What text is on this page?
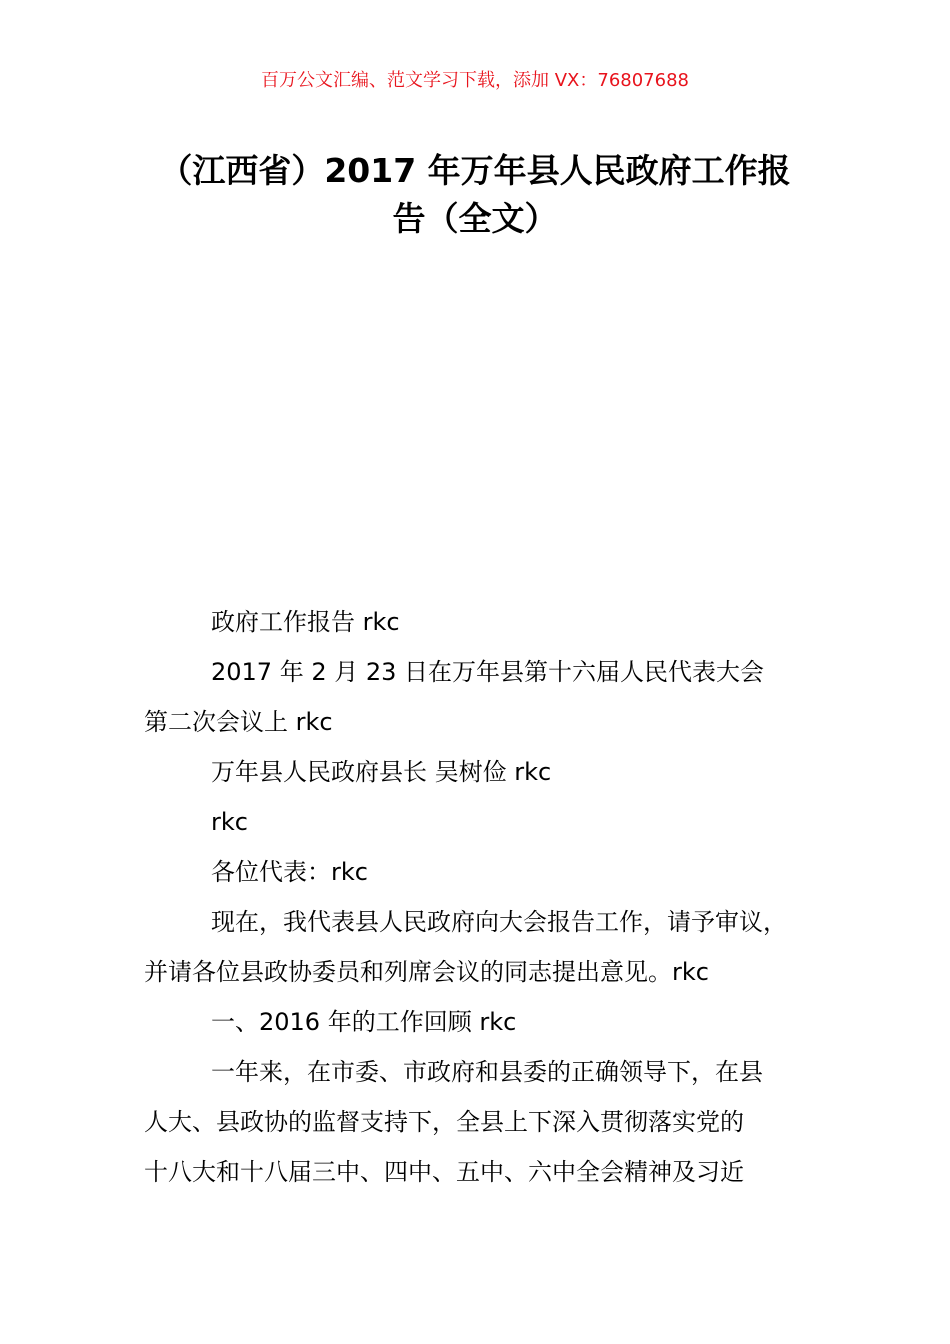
百万公文汇编、范文学习下载，添加 VX：76807688
（江西省）2017 年万年县人民政府工作报
告（全文）

政府工作报告 rkc

2017 年 2 月 23 日在万年县第十六届人民代表大会

第二次会议上 rkc

万年县人民政府县长 吴树俭 rkc

rkc

各位代表：rkc

现在，我代表县人民政府向大会报告工作，请予审议，

并请各位县政协委员和列席会议的同志提出意见。rkc

一、2016 年的工作回顾 rkc

一年来，在市委、市政府和县委的正确领导下，在县

人大、县政协的监督支持下，全县上下深入贯彻落实党的

十八大和十八届三中、四中、五中、六中全会精神及习近
